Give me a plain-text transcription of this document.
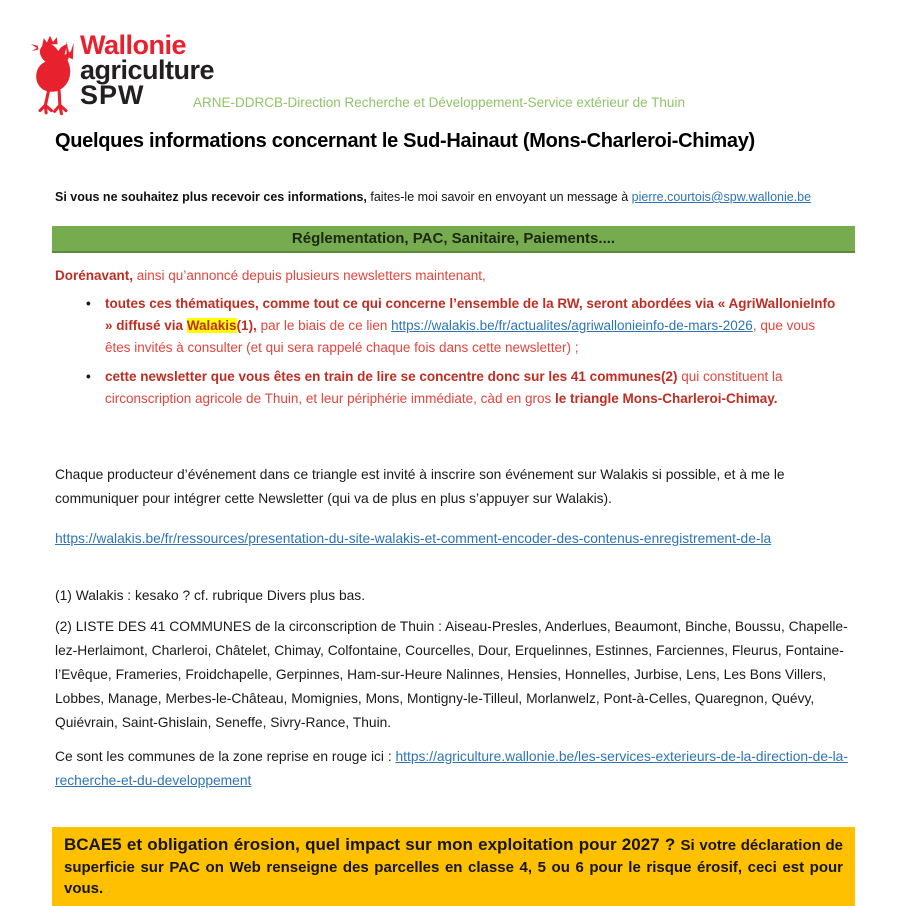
Wallonie
agriculture
SPW	ARNE-DDRCB-Direction Recherche et Développement-Service extérieur de Thuin
Quelques informations concernant le Sud-Hainaut (Mons-Charleroi-Chimay)
Si vous ne souhaitez plus recevoir ces informations, faites-le moi savoir en envoyant un message à pierre.courtois@spw.wallonie.be
Réglementation, PAC, Sanitaire, Paiements....
Dorénavant, ainsi qu’annoncé depuis plusieurs newsletters maintenant,
• toutes ces thématiques, comme tout ce qui concerne l’ensemble de la RW, seront abordées via « AgriWallonieInfo » diffusé via Walakis(1), par le biais de ce lien https://walakis.be/fr/actualites/agriwallonieinfo-de-mars-2026, que vous êtes invités à consulter (et qui sera rappelé chaque fois dans cette newsletter) ;
• cette newsletter que vous êtes en train de lire se concentre donc sur les 41 communes(2) qui constituent la circonscription agricole de Thuin, et leur périphérie immédiate, càd en gros le triangle Mons-Charleroi-Chimay.
Chaque producteur d’événement dans ce triangle est invité à inscrire son événement sur Walakis si possible, et à me le communiquer pour intégrer cette Newsletter (qui va de plus en plus s’appuyer sur Walakis).
https://walakis.be/fr/ressources/presentation-du-site-walakis-et-comment-encoder-des-contenus-enregistrement-de-la
(1) Walakis : kesako ? cf. rubrique Divers plus bas.
(2) LISTE DES 41 COMMUNES de la circonscription de Thuin : Aiseau-Presles, Anderlues, Beaumont, Binche, Boussu, Chapelle-lez-Herlaimont, Charleroi, Châtelet, Chimay, Colfontaine, Courcelles, Dour, Erquelinnes, Estinnes, Farciennes, Fleurus, Fontaine-l’Evêque, Frameries, Froidchapelle, Gerpinnes, Ham-sur-Heure Nalinnes, Hensies, Honnelles, Jurbise, Lens, Les Bons Villers, Lobbes, Manage, Merbes-le-Château, Momignies, Mons, Montigny-le-Tilleul, Morlanwelz, Pont-à-Celles, Quaregnon, Quévy, Quiévrain, Saint-Ghislain, Seneffe, Sivry-Rance, Thuin.
Ce sont les communes de la zone reprise en rouge ici : https://agriculture.wallonie.be/les-services-exterieurs-de-la-direction-de-la-recherche-et-du-developpement
BCAE5 et obligation érosion, quel impact sur mon exploitation pour 2027 ? Si votre déclaration de superficie sur PAC on Web renseigne des parcelles en classe 4, 5 ou 6 pour le risque érosif, ceci est pour vous.
